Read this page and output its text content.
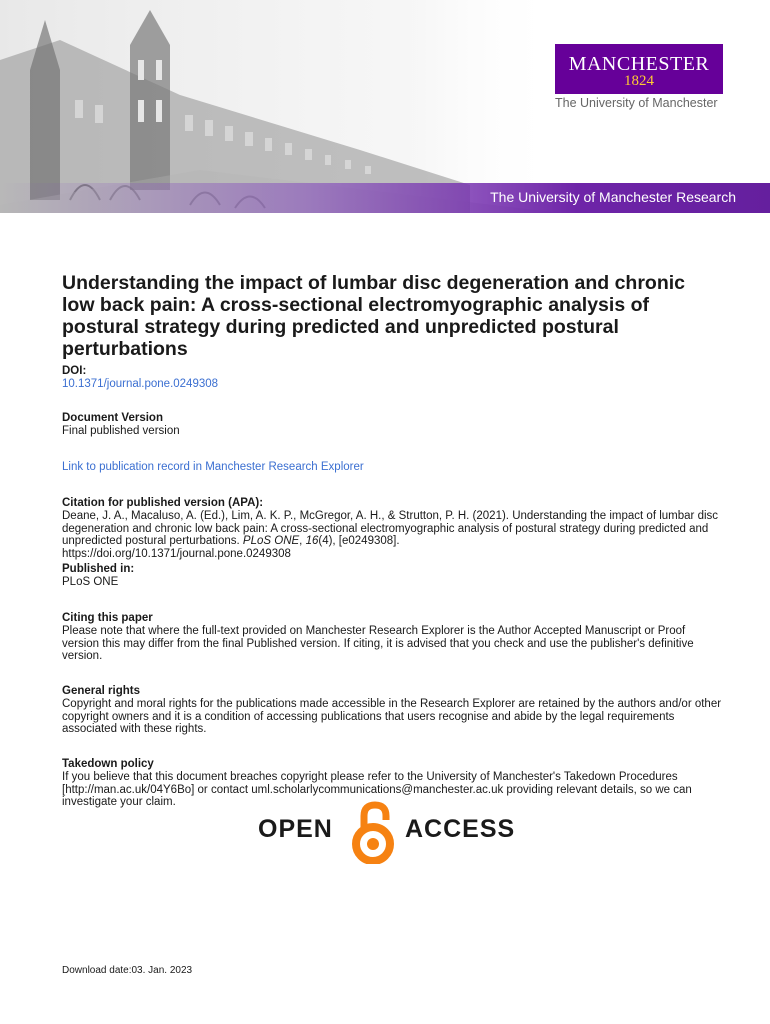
The University of Manchester Research
MANCHESTER
1824
The University of Manchester
Understanding the impact of lumbar disc degeneration and chronic low back pain: A cross-sectional electromyographic analysis of postural strategy during predicted and unpredicted postural perturbations
DOI:
10.1371/journal.pone.0249308
Document Version
Final published version
Link to publication record in Manchester Research Explorer
Citation for published version (APA):
Deane, J. A., Macaluso, A. (Ed.), Lim, A. K. P., McGregor, A. H., & Strutton, P. H. (2021). Understanding the impact of lumbar disc degeneration and chronic low back pain: A cross-sectional electromyographic analysis of postural strategy during predicted and unpredicted postural perturbations. PLoS ONE, 16(4), [e0249308].
https://doi.org/10.1371/journal.pone.0249308
Published in:
PLoS ONE
Citing this paper
Please note that where the full-text provided on Manchester Research Explorer is the Author Accepted Manuscript or Proof version this may differ from the final Published version. If citing, it is advised that you check and use the publisher's definitive version.
General rights
Copyright and moral rights for the publications made accessible in the Research Explorer are retained by the authors and/or other copyright owners and it is a condition of accessing publications that users recognise and abide by the legal requirements associated with these rights.
Takedown policy
If you believe that this document breaches copyright please refer to the University of Manchester's Takedown Procedures [http://man.ac.uk/04Y6Bo] or contact uml.scholarlycommunications@manchester.ac.uk providing relevant details, so we can investigate your claim.
OPEN	ACCESS
Download date:03. Jan. 2023
